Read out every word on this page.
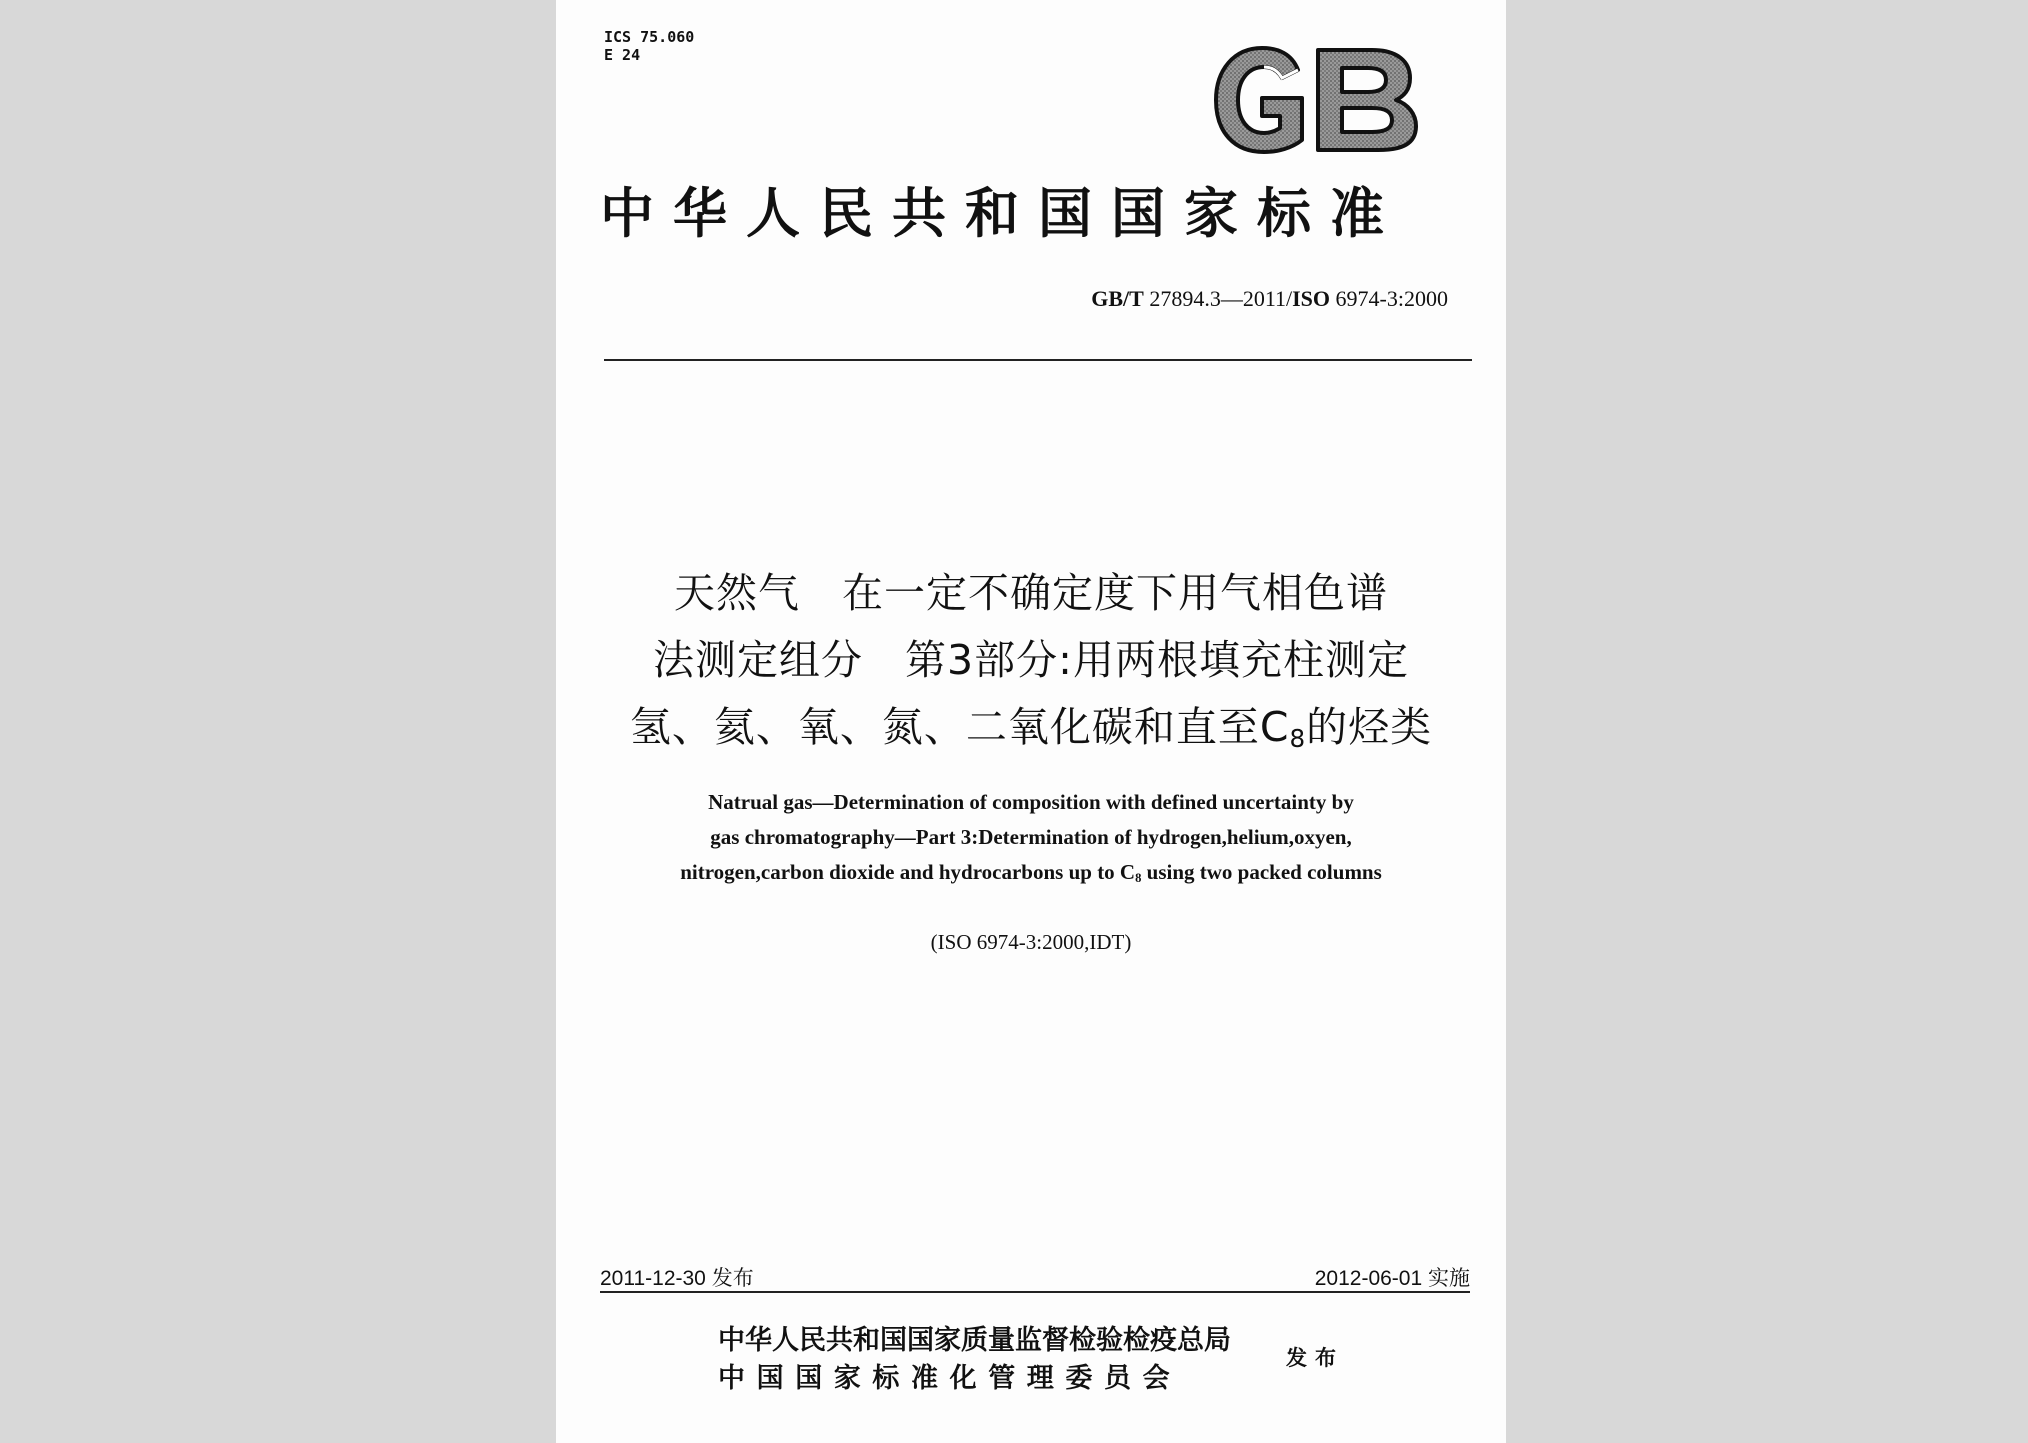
ICS 75.060
E 24
GB
中华人民共和国国家标准
GB/T 27894.3—2011/ISO 6974-3:2000
天然气　在一定不确定度下用气相色谱
法测定组分　第3部分:用两根填充柱测定
氢、氦、氧、氮、二氧化碳和直至$C_8$的烃类
Natrual gas—Determination of composition with defined uncertainty by
gas chromatography—Part 3:Determination of hydrogen,helium,oxyen,
nitrogen,carbon dioxide and hydrocarbons up to $C_8$ using two packed columns
(ISO 6974-3:2000,IDT)
2011-12-30 发布	2012-06-01 实施
中华人民共和国国家质量监督检验检疫总局
中国国家标准化管理委员会
发布
